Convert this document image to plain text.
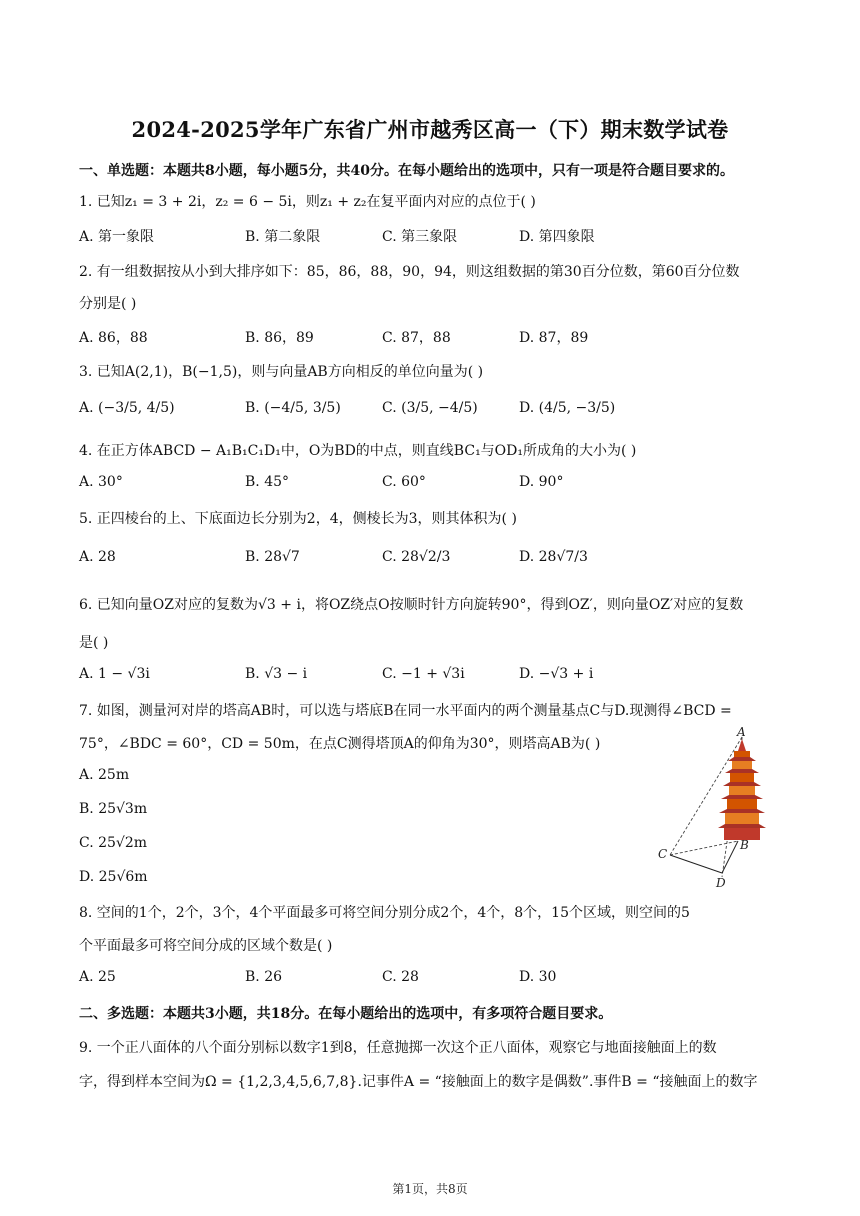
2024-2025学年广东省广州市越秀区高一（下）期末数学试卷
一、单选题：本题共8小题，每小题5分，共40分。在每小题给出的选项中，只有一项是符合题目要求的。
1. 已知z₁ = 3 + 2i，z₂ = 6 − 5i，则z₁ + z₂在复平面内对应的点位于( )
A. 第一象限	B. 第二象限	C. 第三象限	D. 第四象限
2. 有一组数据按从小到大排序如下：85，86，88，90，94，则这组数据的第30百分位数，第60百分位数
分别是( )
A. 86，88	B. 86，89	C. 87，88	D. 87，89
3. 已知A(2,1)，B(−1,5)，则与向量AB方向相反的单位向量为( )
A. (−3/5, 4/5)	B. (−4/5, 3/5)	C. (3/5, −4/5)	D. (4/5, −3/5)
4. 在正方体ABCD − A₁B₁C₁D₁中，O为BD的中点，则直线BC₁与OD₁所成角的大小为( )
A. 30°	B. 45°	C. 60°	D. 90°
5. 正四棱台的上、下底面边长分别为2，4，侧棱长为3，则其体积为( )
A. 28	B. 28√7	C. 28√2/3	D. 28√7/3
6. 已知向量OZ对应的复数为√3 + i，将OZ绕点O按顺时针方向旋转90°，得到OZ′，则向量OZ′对应的复数
是( )
A. 1 − √3i	B. √3 − i	C. −1 + √3i	D. −√3 + i
7. 如图，测量河对岸的塔高AB时，可以选与塔底B在同一水平面内的两个测量基点C与D.现测得∠BCD =
75°，∠BDC = 60°，CD = 50m，在点C测得塔顶A的仰角为30°，则塔高AB为( )
A. 25m
B. 25√3m
C. 25√2m
D. 25√6m
A
B
C
D
8. 空间的1个，2个，3个，4个平面最多可将空间分别分成2个，4个，8个，15个区域，则空间的5
个平面最多可将空间分成的区域个数是( )
A. 25	B. 26	C. 28	D. 30
二、多选题：本题共3小题，共18分。在每小题给出的选项中，有多项符合题目要求。
9. 一个正八面体的八个面分别标以数字1到8，任意抛掷一次这个正八面体，观察它与地面接触面上的数
字，得到样本空间为Ω = {1,2,3,4,5,6,7,8}.记事件A = “接触面上的数字是偶数”.事件B = “接触面上的数字
第1页，共8页
